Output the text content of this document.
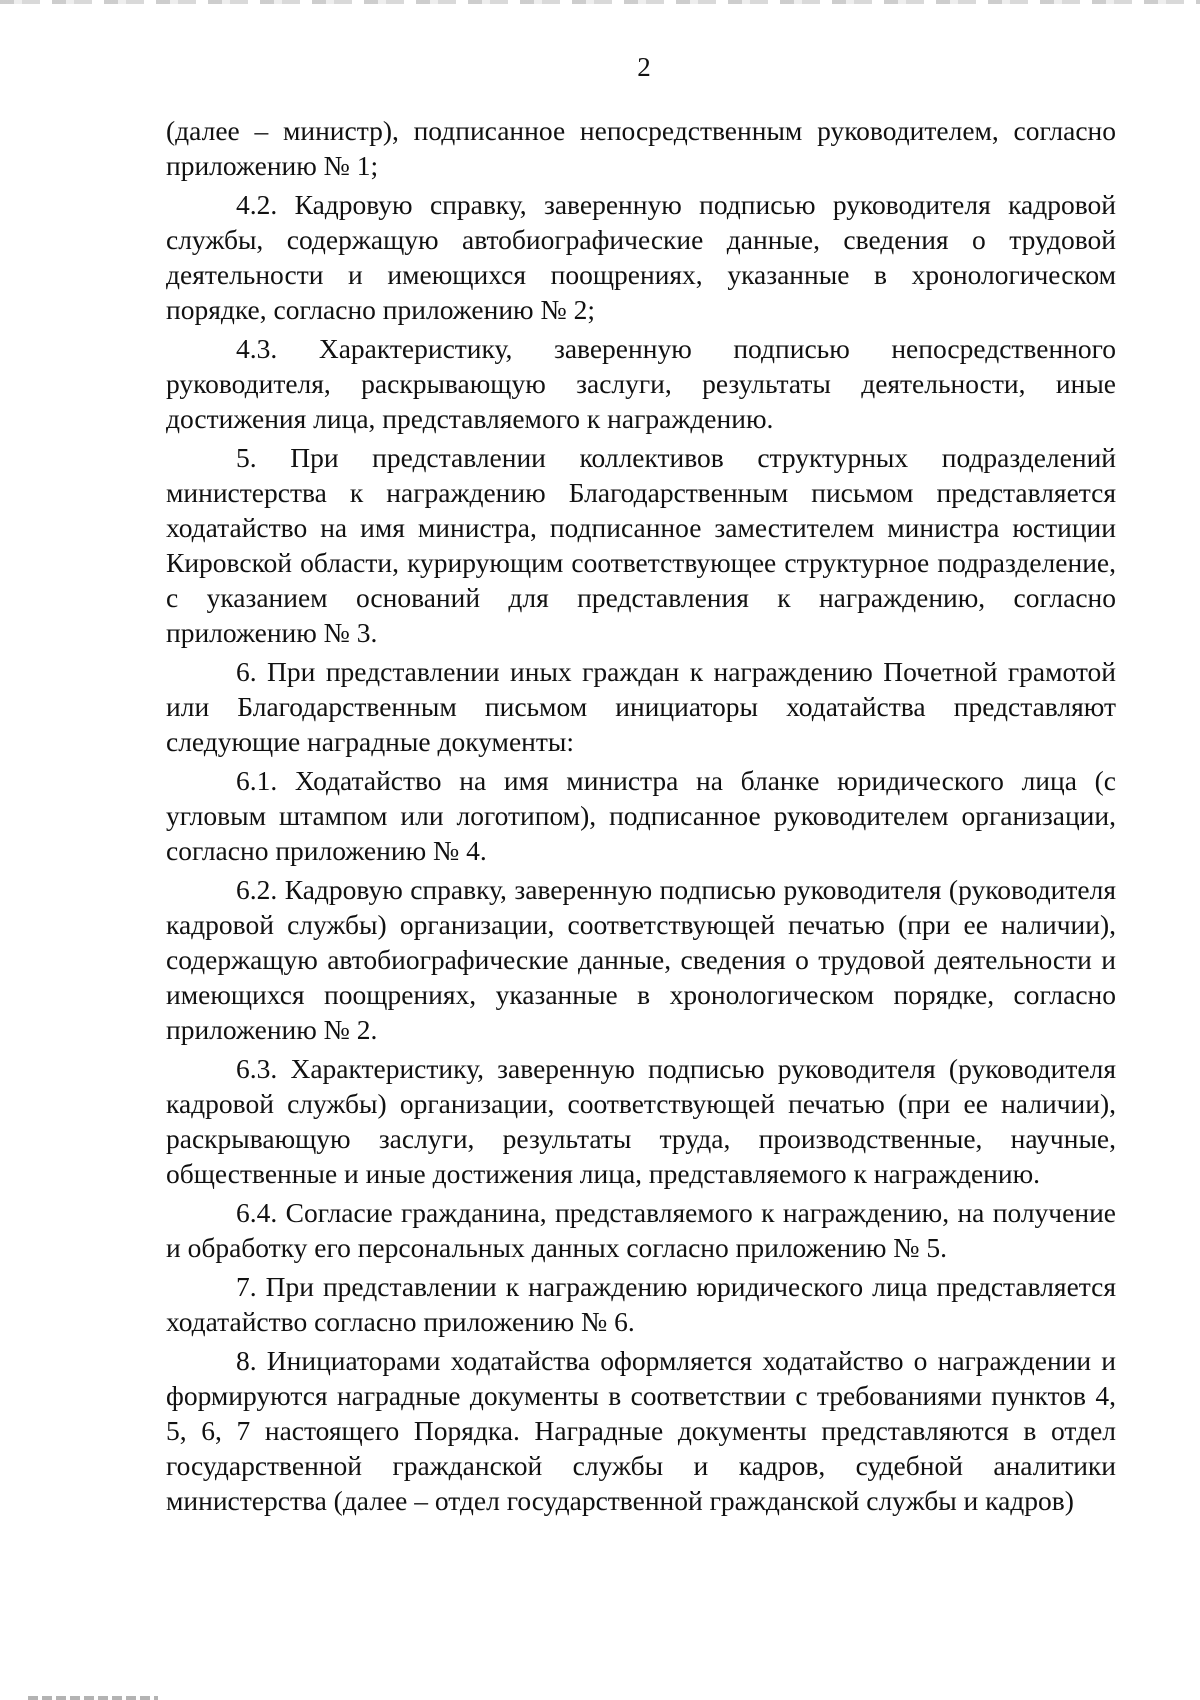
2

(далее – министр), подписанное непосредственным руководителем, согласно приложению № 1;

4.2. Кадровую справку, заверенную подписью руководителя кадровой службы, содержащую автобиографические данные, сведения о трудовой деятельности и имеющихся поощрениях, указанные в хронологическом порядке, согласно приложению № 2;

4.3. Характеристику, заверенную подписью непосредственного руководителя, раскрывающую заслуги, результаты деятельности, иные достижения лица, представляемого к награждению.

5. При представлении коллективов структурных подразделений министерства к награждению Благодарственным письмом представляется ходатайство на имя министра, подписанное заместителем министра юстиции Кировской области, курирующим соответствующее структурное подразделение, с указанием оснований для представления к награждению, согласно приложению № 3.

6. При представлении иных граждан к награждению Почетной грамотой или Благодарственным письмом инициаторы ходатайства представляют следующие наградные документы:

6.1. Ходатайство на имя министра на бланке юридического лица (с угловым штампом или логотипом), подписанное руководителем организации, согласно приложению № 4.

6.2. Кадровую справку, заверенную подписью руководителя (руководителя кадровой службы) организации, соответствующей печатью (при ее наличии), содержащую автобиографические данные, сведения о трудовой деятельности и имеющихся поощрениях, указанные в хронологическом порядке, согласно приложению № 2.

6.3. Характеристику, заверенную подписью руководителя (руководителя кадровой службы) организации, соответствующей печатью (при ее наличии), раскрывающую заслуги, результаты труда, производственные, научные, общественные и иные достижения лица, представляемого к награждению.

6.4. Согласие гражданина, представляемого к награждению, на получение и обработку его персональных данных согласно приложению № 5.

7. При представлении к награждению юридического лица представляется ходатайство согласно приложению № 6.

8. Инициаторами ходатайства оформляется ходатайство о награждении и формируются наградные документы в соответствии с требованиями пунктов 4, 5, 6, 7 настоящего Порядка. Наградные документы представляются в отдел государственной гражданской службы и кадров, судебной аналитики министерства (далее – отдел государственной гражданской службы и кадров)
